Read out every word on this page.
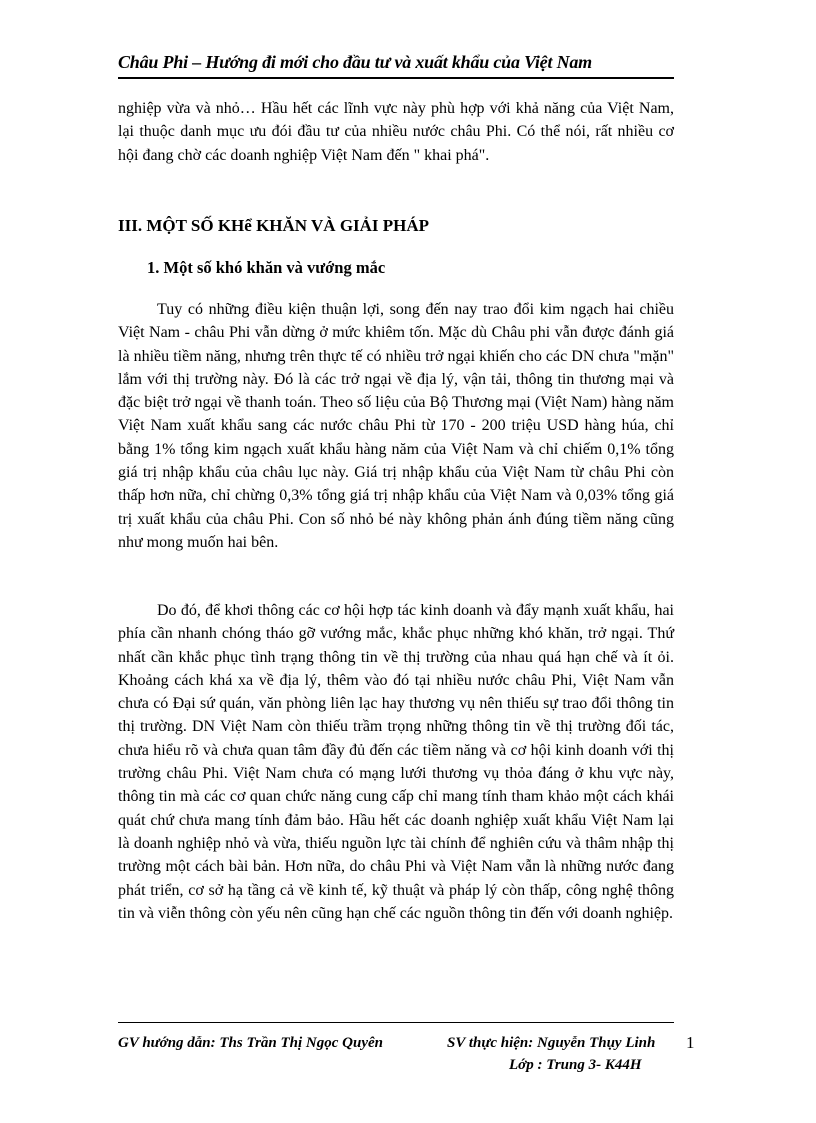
Châu Phi – Hướng đi mới cho đầu tư và xuất khẩu của Việt Nam

nghiệp vừa và nhỏ… Hầu hết các lĩnh vực này phù hợp với khả năng của Việt Nam, lại thuộc danh mục ưu đói đầu tư của nhiều nước châu Phi. Có thể nói, rất nhiều cơ hội đang chờ các doanh nghiệp Việt Nam đến " khai phá".

III. MỘT SỐ KHể KHĂN VÀ GIẢI PHÁP
1. Một số khó khăn và vướng mắc

Tuy có những điều kiện thuận lợi, song đến nay trao đổi kim ngạch hai chiều Việt Nam - châu Phi vẫn dừng ở mức khiêm tốn. Mặc dù Châu phi vẫn được đánh giá là nhiều tiềm năng, nhưng trên thực tế có nhiều trở ngại khiến cho các DN chưa "mặn" lắm với thị trường này. Đó là các trở ngại về địa lý, vận tải, thông tin thương mại và đặc biệt trở ngại về thanh toán. Theo số liệu của Bộ Thương mại (Việt Nam) hàng năm Việt Nam xuất khẩu sang các nước châu Phi từ 170 - 200 triệu USD hàng húa, chỉ bằng 1% tổng kim ngạch xuất khẩu hàng năm của Việt Nam và chỉ chiếm 0,1% tổng giá trị nhập khẩu của châu lục này. Giá trị nhập khẩu của Việt Nam từ châu Phi còn thấp hơn nữa, chỉ chừng 0,3% tổng giá trị nhập khẩu của Việt Nam và 0,03% tổng giá trị xuất khẩu của châu Phi. Con số nhỏ bé này không phản ánh đúng tiềm năng cũng như mong muốn hai bên.

Do đó, để khơi thông các cơ hội hợp tác kinh doanh và đẩy mạnh xuất khẩu, hai phía cần nhanh chóng tháo gỡ vướng mắc, khắc phục những khó khăn, trở ngại. Thứ nhất cần khắc phục tình trạng thông tin về thị trường của nhau quá hạn chế và ít ỏi. Khoảng cách khá xa về địa lý, thêm vào đó tại nhiều nước châu Phi, Việt Nam vẫn chưa có Đại sứ quán, văn phòng liên lạc hay thương vụ nên thiếu sự trao đổi thông tin thị trường. DN Việt Nam còn thiếu trầm trọng những thông tin về thị trường đối tác, chưa hiểu rõ và chưa quan tâm đầy đủ đến các tiềm năng và cơ hội kinh doanh với thị trường châu Phi. Việt Nam chưa có mạng lưới thương vụ thỏa đáng ở khu vực này, thông tin mà các cơ quan chức năng cung cấp chỉ mang tính tham khảo một cách khái quát chứ chưa mang tính đảm bảo. Hầu hết các doanh nghiệp xuất khẩu Việt Nam lại là doanh nghiệp nhỏ và vừa, thiếu nguồn lực tài chính để nghiên cứu và thâm nhập thị trường một cách bài bản. Hơn nữa, do châu Phi và Việt Nam vẫn là những nước đang phát triển, cơ sở hạ tầng cả về kinh tế, kỹ thuật và pháp lý còn thấp, công nghệ thông tin và viễn thông còn yếu nên cũng hạn chế các nguồn thông tin đến với doanh nghiệp.

GV hướng dẫn: Ths Trần Thị Ngọc Quyên	SV thực hiện: Nguyễn Thụy Linh
Lớp : Trung 3- K44H
1
